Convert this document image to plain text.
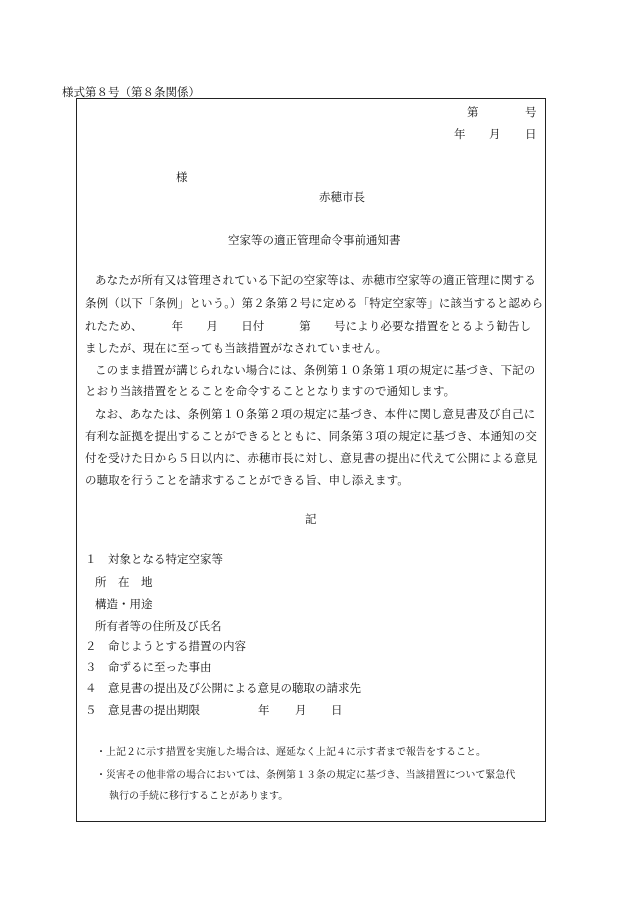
様式第８号（第８条関係）
第	号
年 月 日
様
赤穂市長
空家等の適正管理命令事前通知書
あなたが所有又は管理されている下記の空家等は、赤穂市空家等の適正管理に関する
条例（以下「条例」という。）第２条第２号に定める「特定空家等」に該当すると認めら
れたため、　　　年　　月　　日付　　　第　　号により必要な措置をとるよう勧告し
ましたが、現在に至っても当該措置がなされていません。
このまま措置が講じられない場合には、条例第１０条第１項の規定に基づき、下記の
とおり当該措置をとることを命令することとなりますので通知します。
なお、あなたは、条例第１０条第２項の規定に基づき、本件に関し意見書及び自己に
有利な証拠を提出することができるとともに、同条第３項の規定に基づき、本通知の交
付を受けた日から５日以内に、赤穂市長に対し、意見書の提出に代えて公開による意見
の聴取を行うことを請求することができる旨、申し添えます。
記
１　対象となる特定空家等
所　在　地
構造・用途
所有者等の住所及び氏名
２　命じようとする措置の内容
３　命ずるに至った事由
４　意見書の提出及び公開による意見の聴取の請求先
５　意見書の提出期限	年 月 日
・上記２に示す措置を実施した場合は、遅延なく上記４に示す者まで報告をすること。
・災害その他非常の場合においては、条例第１３条の規定に基づき、当該措置について緊急代
執行の手続に移行することがあります。
